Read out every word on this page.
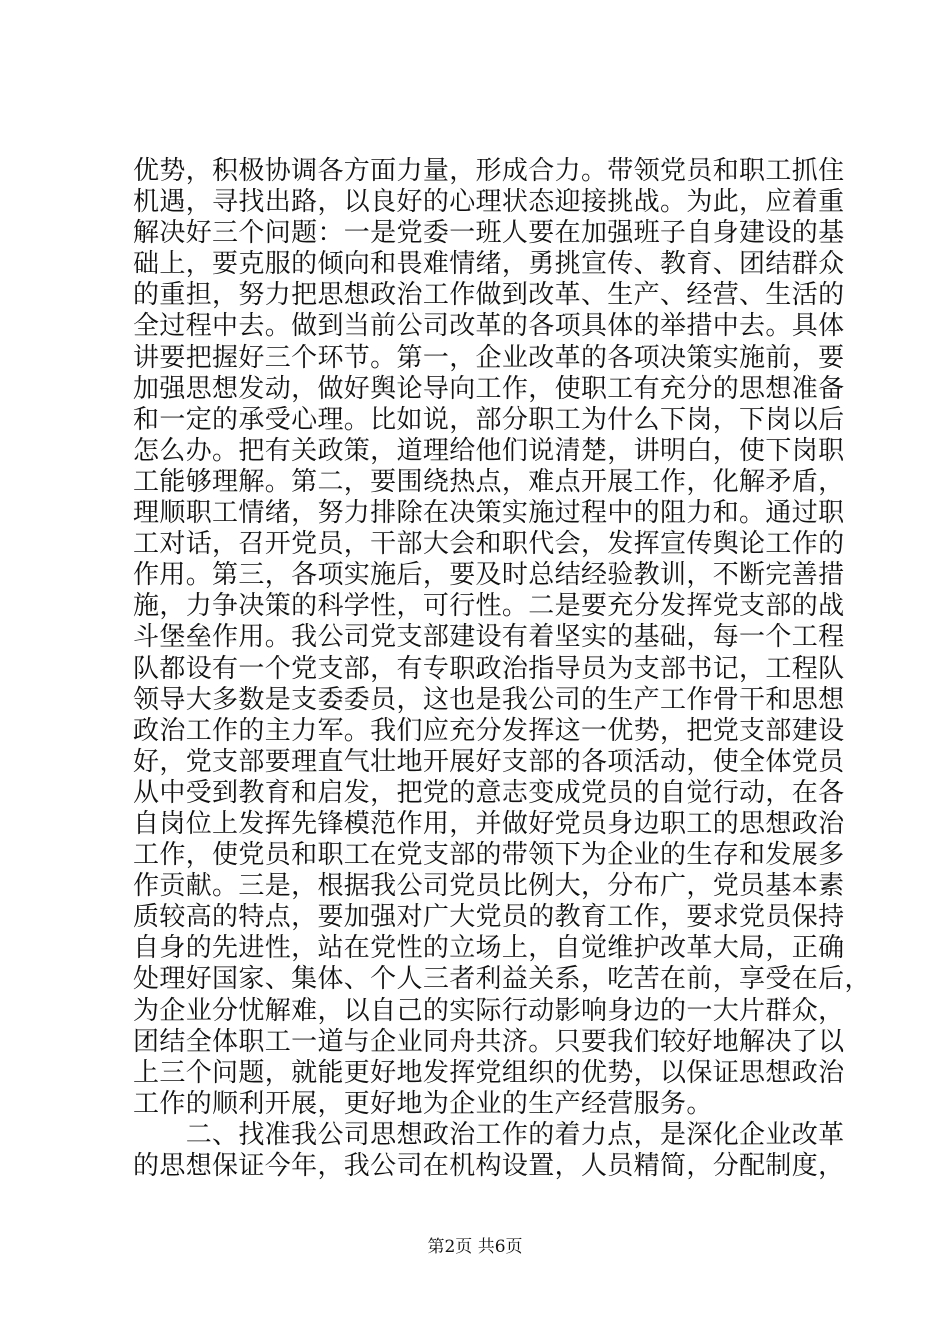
优势，积极协调各方面力量，形成合力。带领党员和职工抓住
机遇，寻找出路，以良好的心理状态迎接挑战。为此，应着重
解决好三个问题：一是党委一班人要在加强班子自身建设的基
础上，要克服的倾向和畏难情绪，勇挑宣传、教育、团结群众
的重担，努力把思想政治工作做到改革、生产、经营、生活的
全过程中去。做到当前公司改革的各项具体的举措中去。具体
讲要把握好三个环节。第一，企业改革的各项决策实施前，要
加强思想发动，做好舆论导向工作，使职工有充分的思想准备
和一定的承受心理。比如说，部分职工为什么下岗，下岗以后
怎么办。把有关政策，道理给他们说清楚，讲明白，使下岗职
工能够理解。第二，要围绕热点，难点开展工作，化解矛盾，
理顺职工情绪，努力排除在决策实施过程中的阻力和。通过职
工对话，召开党员，干部大会和职代会，发挥宣传舆论工作的
作用。第三，各项实施后，要及时总结经验教训，不断完善措
施，力争决策的科学性，可行性。二是要充分发挥党支部的战
斗堡垒作用。我公司党支部建设有着坚实的基础，每一个工程
队都设有一个党支部，有专职政治指导员为支部书记，工程队
领导大多数是支委委员，这也是我公司的生产工作骨干和思想
政治工作的主力军。我们应充分发挥这一优势，把党支部建设
好，党支部要理直气壮地开展好支部的各项活动，使全体党员
从中受到教育和启发，把党的意志变成党员的自觉行动，在各
自岗位上发挥先锋模范作用，并做好党员身边职工的思想政治
工作，使党员和职工在党支部的带领下为企业的生存和发展多
作贡献。三是，根据我公司党员比例大，分布广，党员基本素
质较高的特点，要加强对广大党员的教育工作，要求党员保持
自身的先进性，站在党性的立场上，自觉维护改革大局，正确
处理好国家、集体、个人三者利益关系，吃苦在前，享受在后，
为企业分忧解难，以自己的实际行动影响身边的一大片群众，
团结全体职工一道与企业同舟共济。只要我们较好地解决了以
上三个问题，就能更好地发挥党组织的优势，以保证思想政治
工作的顺利开展，更好地为企业的生产经营服务。
　　二、找准我公司思想政治工作的着力点，是深化企业改革
的思想保证今年，我公司在机构设置，人员精简，分配制度，
第2页 共6页
